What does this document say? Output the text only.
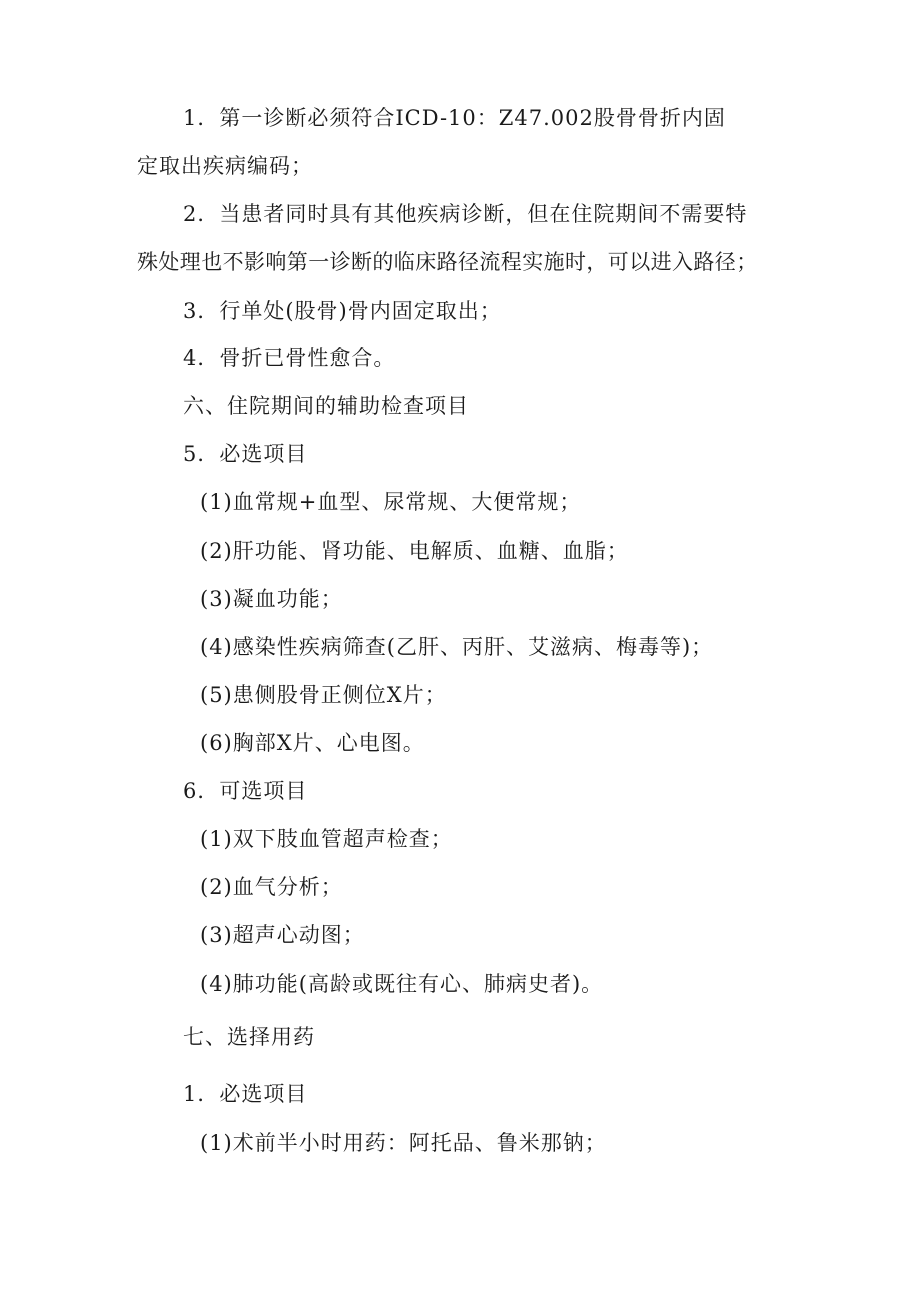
1．第一诊断必须符合ICD-10：Z47.002股骨骨折内固
定取出疾病编码；
2．当患者同时具有其他疾病诊断，但在住院期间不需要特
殊处理也不影响第一诊断的临床路径流程实施时，可以进入路径；
3．行单处(股骨)骨内固定取出；
4．骨折已骨性愈合。
六、住院期间的辅助检查项目
5．必选项目
(1)血常规+血型、尿常规、大便常规；
(2)肝功能、肾功能、电解质、血糖、血脂；
(3)凝血功能；
(4)感染性疾病筛查(乙肝、丙肝、艾滋病、梅毒等)；
(5)患侧股骨正侧位X片；
(6)胸部X片、心电图。
6．可选项目
(1)双下肢血管超声检查；
(2)血气分析；
(3)超声心动图；
(4)肺功能(高龄或既往有心、肺病史者)。
七、选择用药
1．必选项目
(1)术前半小时用药：阿托品、鲁米那钠；
